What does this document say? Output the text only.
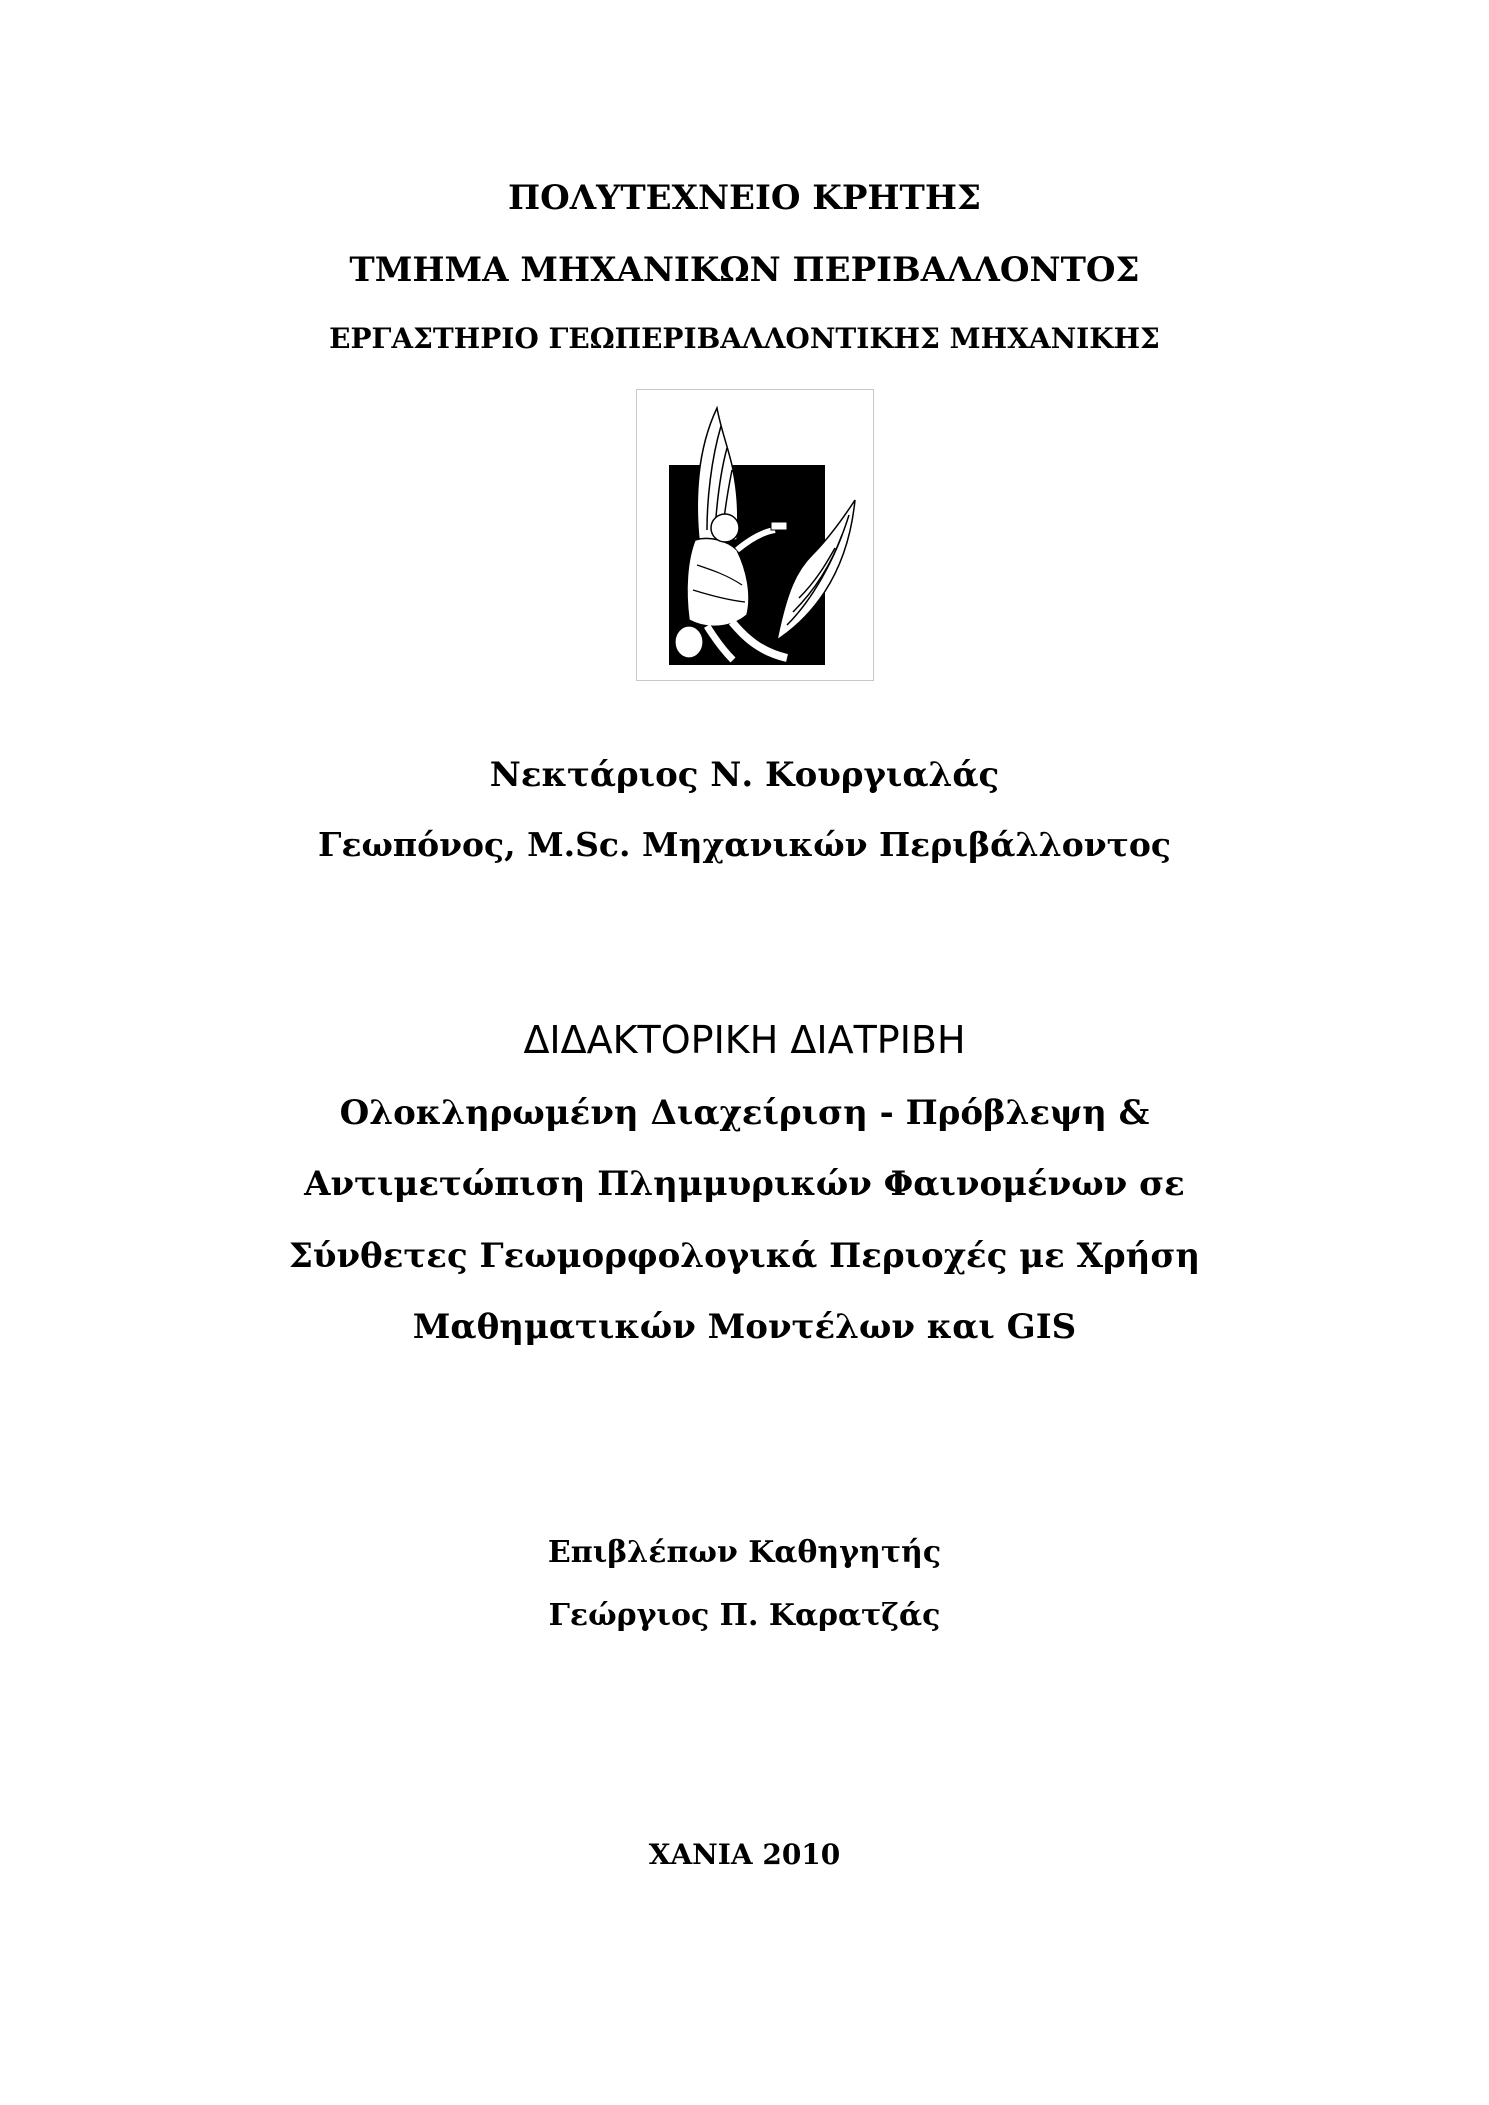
ΠΟΛΥΤΕΧΝΕΙΟ ΚΡΗΤΗΣ
ΤΜΗΜΑ ΜΗΧΑΝΙΚΩΝ ΠΕΡΙΒΑΛΛΟΝΤΟΣ
ΕΡΓΑΣΤΗΡΙΟ ΓΕΩΠΕΡΙΒΑΛΛΟΝΤΙΚΗΣ ΜΗΧΑΝΙΚΗΣ
Νεκτάριος Ν. Κουργιαλάς
Γεωπόνος, M.Sc. Μηχανικών Περιβάλλοντος
ΔΙΔΑΚΤΟΡΙΚΗ ΔΙΑΤΡΙΒΗ
Ολοκληρωμένη Διαχείριση - Πρόβλεψη &
Αντιμετώπιση Πλημμυρικών Φαινομένων σε
Σύνθετες Γεωμορφολογικά Περιοχές με Χρήση
Μαθηματικών Μοντέλων και GIS
Επιβλέπων Καθηγητής
Γεώργιος Π. Καρατζάς
ΧΑΝΙΑ 2010
